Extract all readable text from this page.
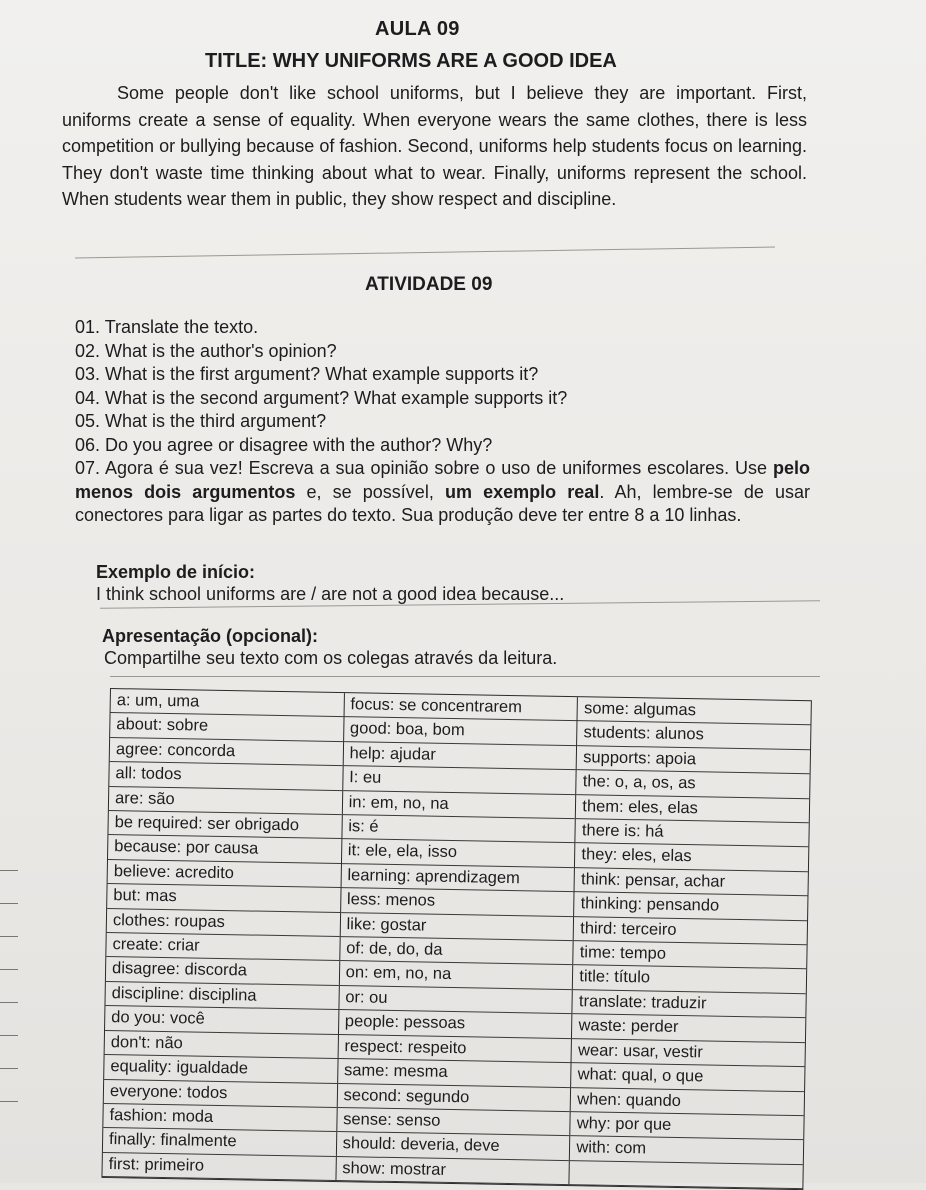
AULA 09
TITLE: WHY UNIFORMS ARE A GOOD IDEA

Some people don't like school uniforms, but I believe they are important. First, uniforms create a sense of equality. When everyone wears the same clothes, there is less competition or bullying because of fashion. Second, uniforms help students focus on learning. They don't waste time thinking about what to wear. Finally, uniforms represent the school. When students wear them in public, they show respect and discipline.

ATIVIDADE 09
01. Translate the texto.
02. What is the author's opinion?
03. What is the first argument? What example supports it?
04. What is the second argument? What example supports it?
05. What is the third argument?
06. Do you agree or disagree with the author? Why?
07. Agora é sua vez! Escreva a sua opinião sobre o uso de uniformes escolares. Use pelo menos dois argumentos e, se possível, um exemplo real. Ah, lembre-se de usar conectores para ligar as partes do texto. Sua produção deve ter entre 8 a 10 linhas.
Exemplo de início:
I think school uniforms are / are not a good idea because...
Apresentação (opcional):
Compartilhe seu texto com os colegas através da leitura.
a: um, uma
about: sobre
agree: concorda
all: todos
are: são
be required: ser obrigado
because: por causa
believe: acredito
but: mas
clothes: roupas
create: criar
disagree: discorda
discipline: disciplina
do you: você
don't: não
equality: igualdade
everyone: todos
fashion: moda
finally: finalmente
first: primeiro
focus: se concentrarem
good: boa, bom
help: ajudar
I: eu
in: em, no, na
is: é
it: ele, ela, isso
learning: aprendizagem
less: menos
like: gostar
of: de, do, da
on: em, no, na
or: ou
people: pessoas
respect: respeito
same: mesma
second: segundo
sense: senso
should: deveria, deve
show: mostrar
some: algumas
students: alunos
supports: apoia
the: o, a, os, as
them: eles, elas
there is: há
they: eles, elas
think: pensar, achar
thinking: pensando
third: terceiro
time: tempo
title: título
translate: traduzir
waste: perder
wear: usar, vestir
what: qual, o que
when: quando
why: por que
with: com
